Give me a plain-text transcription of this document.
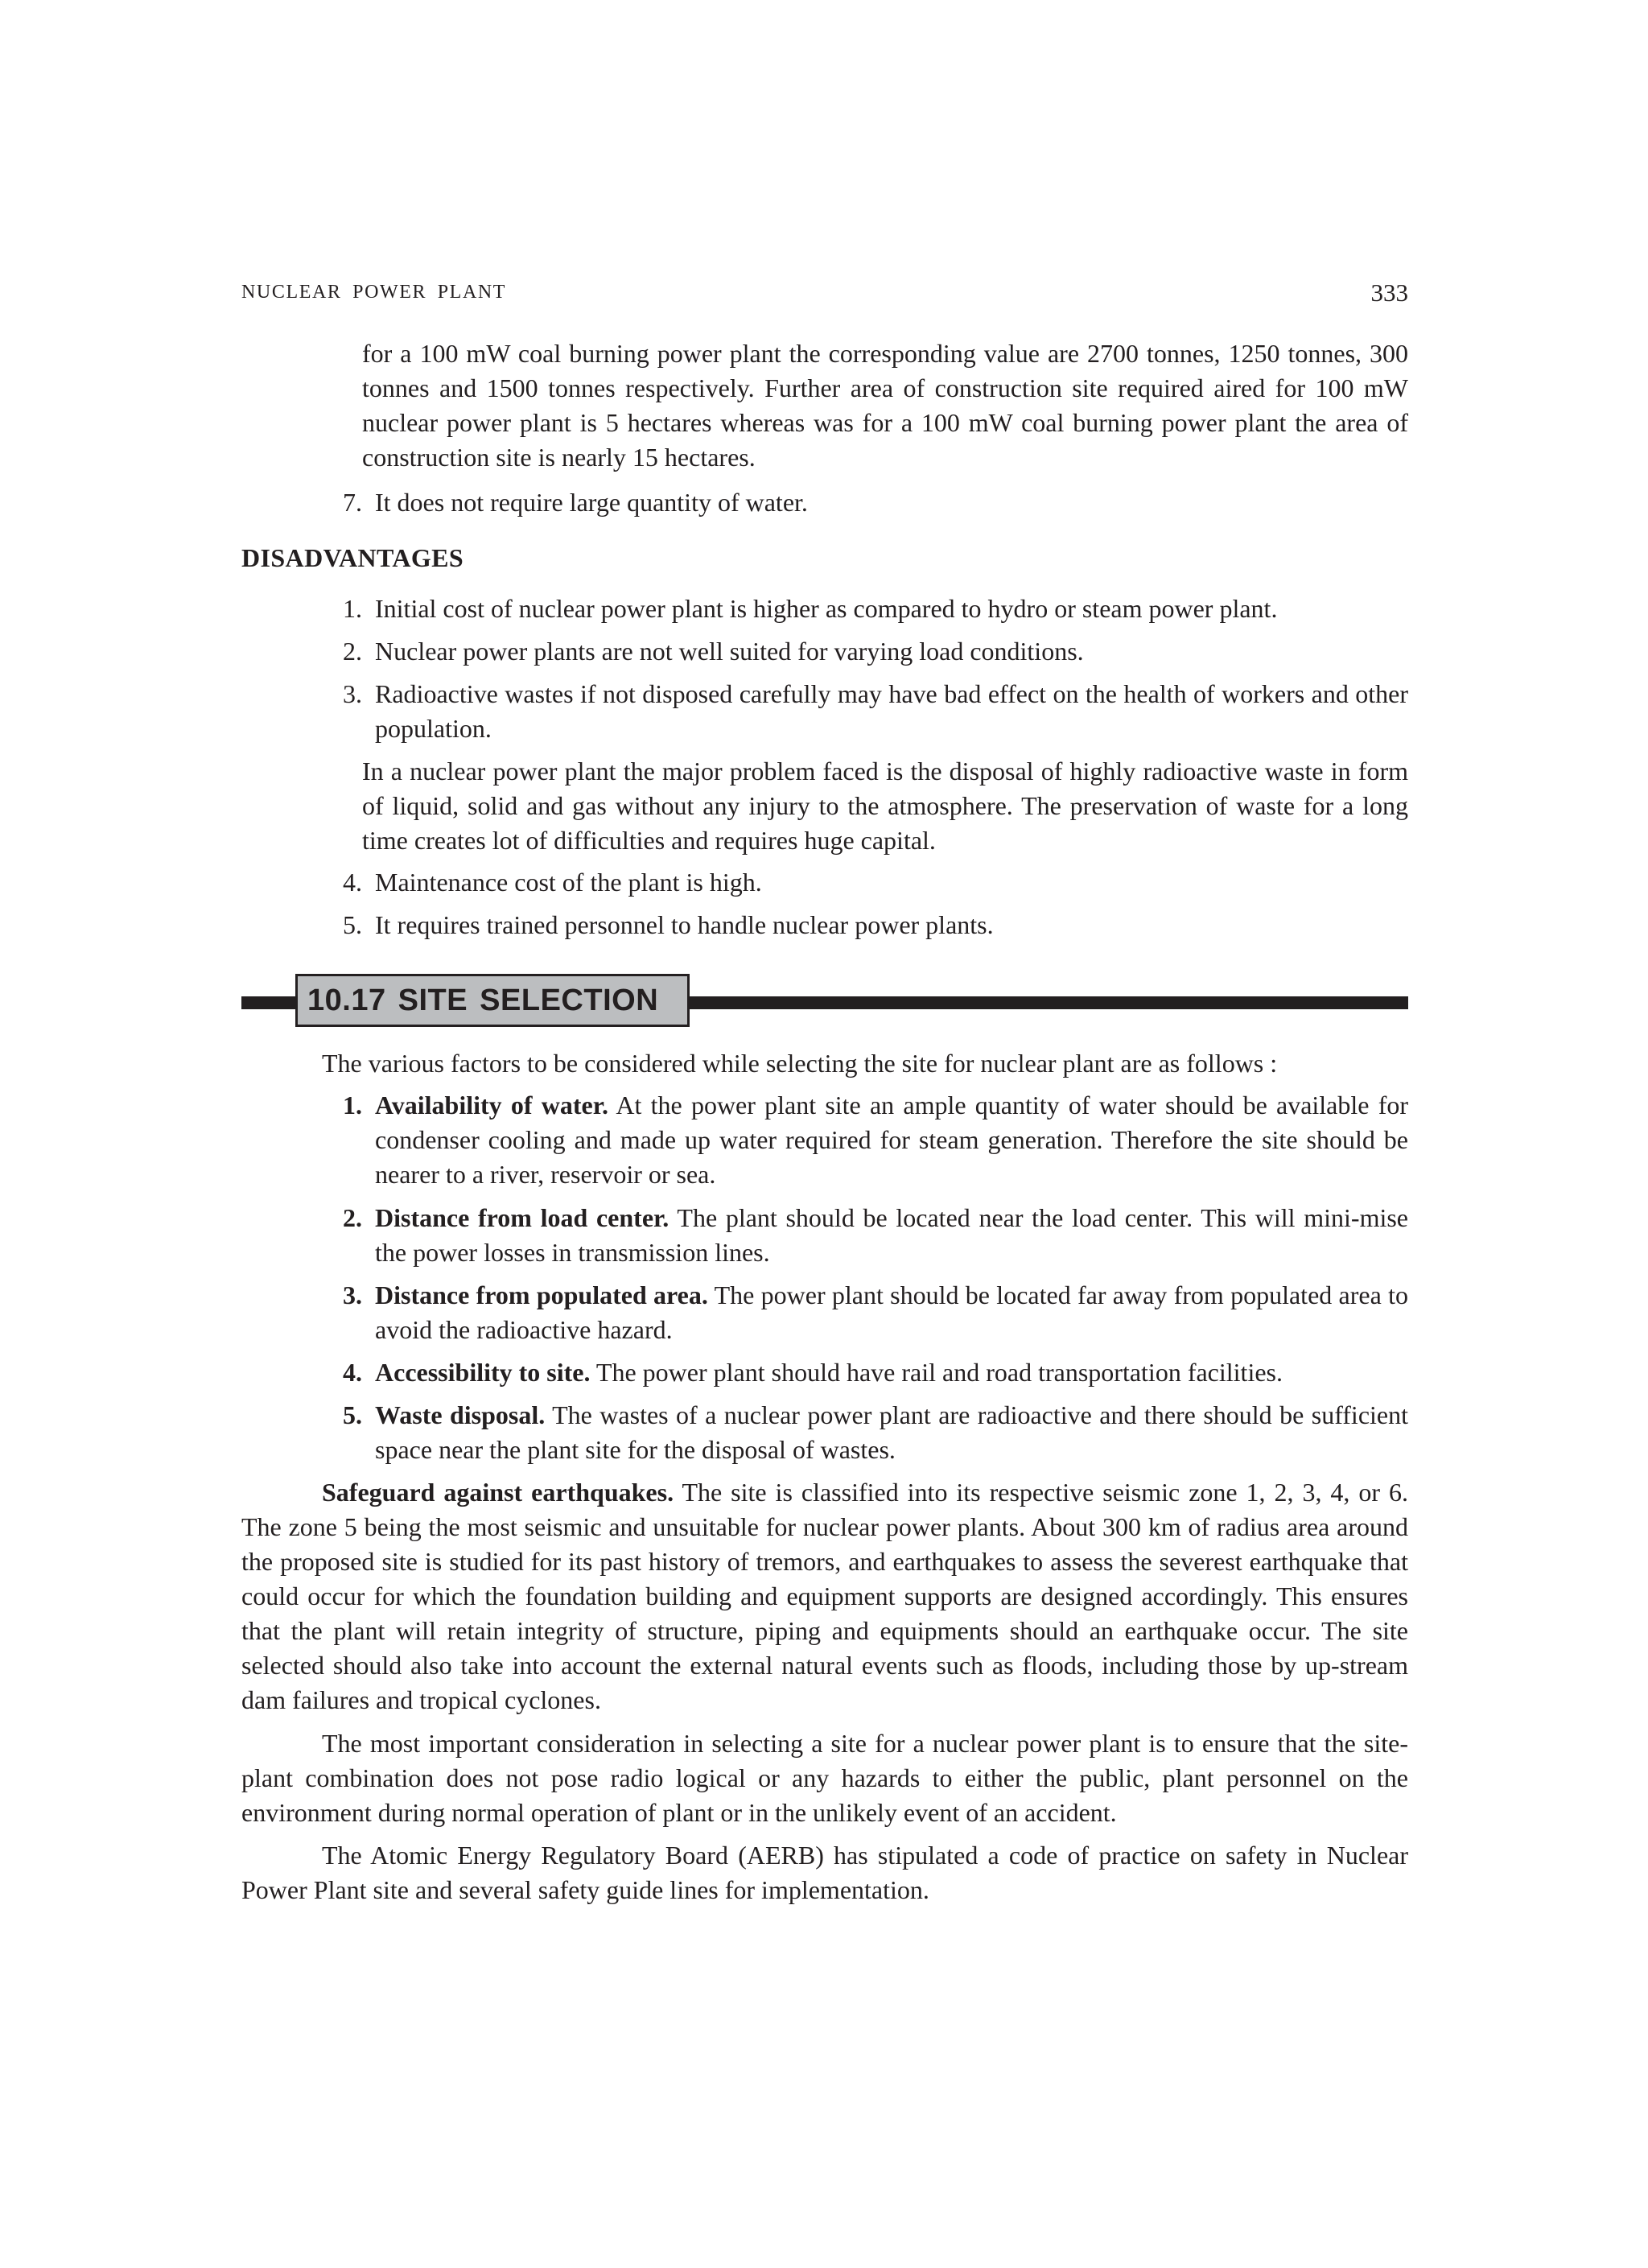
NUCLEAR POWER PLANT	333
for a 100 mW coal burning power plant the corresponding value are 2700 tonnes, 1250 tonnes, 300 tonnes and 1500 tonnes respectively. Further area of construction site required aired for 100 mW nuclear power plant is 5 hectares whereas was for a 100 mW coal burning power plant the area of construction site is nearly 15 hectares.
7. It does not require large quantity of water.
DISADVANTAGES
1. Initial cost of nuclear power plant is higher as compared to hydro or steam power plant.
2. Nuclear power plants are not well suited for varying load conditions.
3. Radioactive wastes if not disposed carefully may have bad effect on the health of workers and other population.
In a nuclear power plant the major problem faced is the disposal of highly radioactive waste in form of liquid, solid and gas without any injury to the atmosphere. The preservation of waste for a long time creates lot of difficulties and requires huge capital.
4. Maintenance cost of the plant is high.
5. It requires trained personnel to handle nuclear power plants.
10.17 SITE SELECTION
The various factors to be considered while selecting the site for nuclear plant are as follows :
1. Availability of water. At the power plant site an ample quantity of water should be available for condenser cooling and made up water required for steam generation. Therefore the site should be nearer to a river, reservoir or sea.
2. Distance from load center. The plant should be located near the load center. This will mini-mise the power losses in transmission lines.
3. Distance from populated area. The power plant should be located far away from populated area to avoid the radioactive hazard.
4. Accessibility to site. The power plant should have rail and road transportation facilities.
5. Waste disposal. The wastes of a nuclear power plant are radioactive and there should be sufficient space near the plant site for the disposal of wastes.
Safeguard against earthquakes. The site is classified into its respective seismic zone 1, 2, 3, 4, or 6. The zone 5 being the most seismic and unsuitable for nuclear power plants. About 300 km of radius area around the proposed site is studied for its past history of tremors, and earthquakes to assess the severest earthquake that could occur for which the foundation building and equipment supports are designed accordingly. This ensures that the plant will retain integrity of structure, piping and equipments should an earthquake occur. The site selected should also take into account the external natural events such as floods, including those by up-stream dam failures and tropical cyclones.
The most important consideration in selecting a site for a nuclear power plant is to ensure that the site-plant combination does not pose radio logical or any hazards to either the public, plant personnel on the environment during normal operation of plant or in the unlikely event of an accident.
The Atomic Energy Regulatory Board (AERB) has stipulated a code of practice on safety in Nuclear Power Plant site and several safety guide lines for implementation.
